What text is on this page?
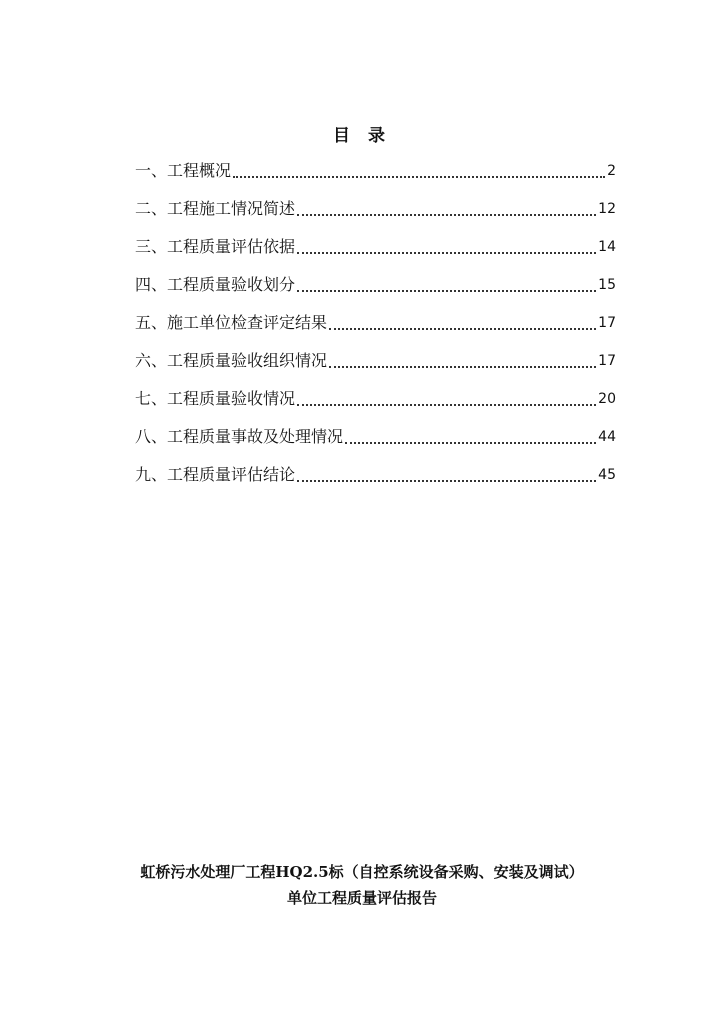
目 录
一、工程概况	2
二、工程施工情况简述	12
三、工程质量评估依据	14
四、工程质量验收划分	15
五、施工单位检查评定结果	17
六、工程质量验收组织情况	17
七、工程质量验收情况	20
八、工程质量事故及处理情况	44
九、工程质量评估结论	45
虹桥污水处理厂工程HQ2.5标（自控系统设备采购、安装及调试）
单位工程质量评估报告
